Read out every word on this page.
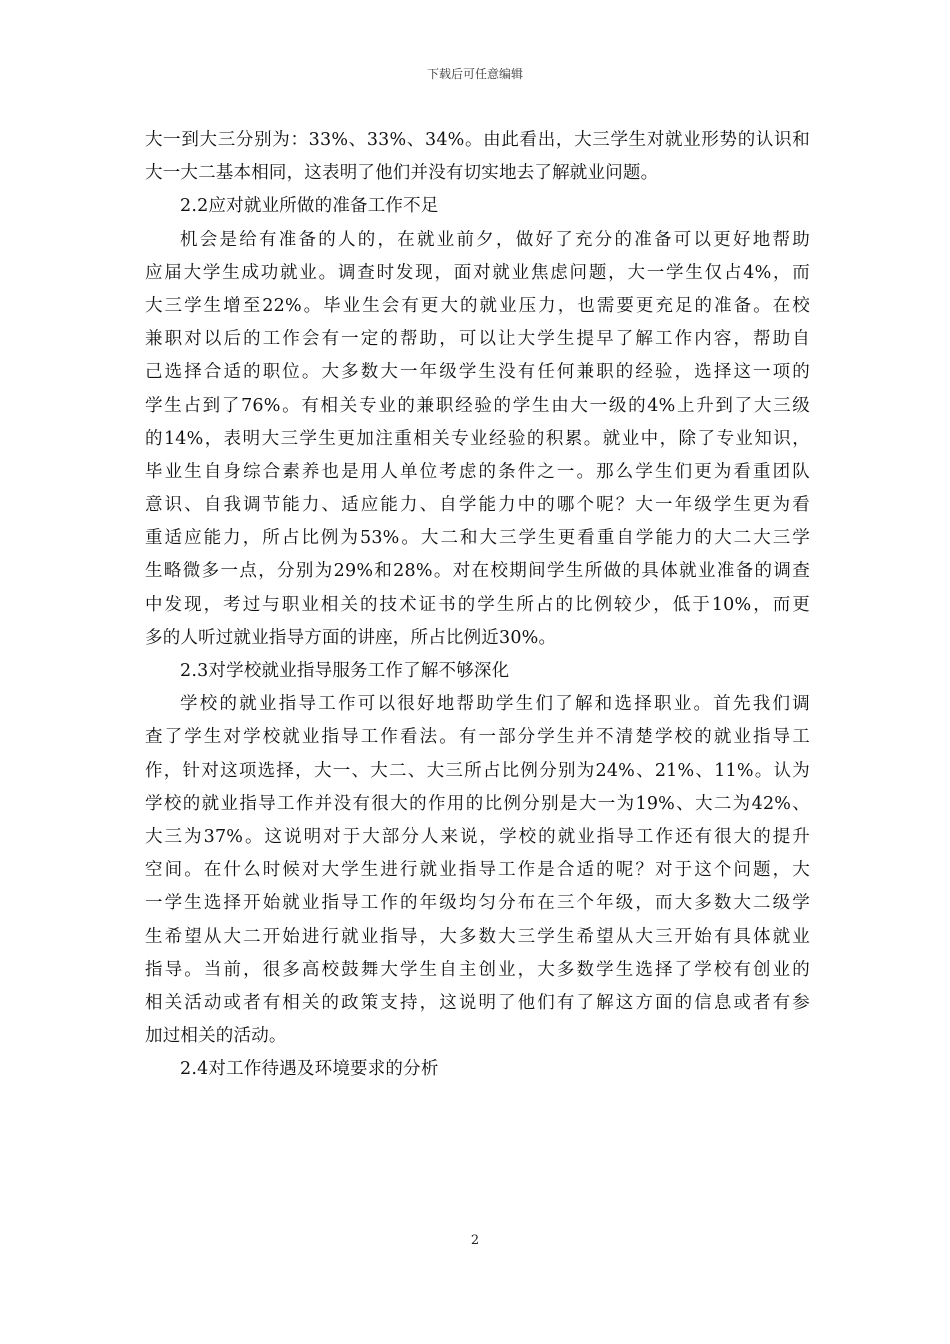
下载后可任意编辑
大一到大三分别为：33%、33%、34%。由此看出，大三学生对就业形势的认识和
大一大二基本相同，这表明了他们并没有切实地去了解就业问题。
2.2应对就业所做的准备工作不足
机会是给有准备的人的，在就业前夕，做好了充分的准备可以更好地帮助
应届大学生成功就业。调查时发现，面对就业焦虑问题，大一学生仅占4%，而
大三学生增至22%。毕业生会有更大的就业压力，也需要更充足的准备。在校
兼职对以后的工作会有一定的帮助，可以让大学生提早了解工作内容，帮助自
己选择合适的职位。大多数大一年级学生没有任何兼职的经验，选择这一项的
学生占到了76%。有相关专业的兼职经验的学生由大一级的4%上升到了大三级
的14%，表明大三学生更加注重相关专业经验的积累。就业中，除了专业知识，
毕业生自身综合素养也是用人单位考虑的条件之一。那么学生们更为看重团队
意识、自我调节能力、适应能力、自学能力中的哪个呢？大一年级学生更为看
重适应能力，所占比例为53%。大二和大三学生更看重自学能力的大二大三学
生略微多一点，分别为29%和28%。对在校期间学生所做的具体就业准备的调查
中发现，考过与职业相关的技术证书的学生所占的比例较少，低于10%，而更
多的人听过就业指导方面的讲座，所占比例近30%。
2.3对学校就业指导服务工作了解不够深化
学校的就业指导工作可以很好地帮助学生们了解和选择职业。首先我们调
查了学生对学校就业指导工作看法。有一部分学生并不清楚学校的就业指导工
作，针对这项选择，大一、大二、大三所占比例分别为24%、21%、11%。认为
学校的就业指导工作并没有很大的作用的比例分别是大一为19%、大二为42%、
大三为37%。这说明对于大部分人来说，学校的就业指导工作还有很大的提升
空间。在什么时候对大学生进行就业指导工作是合适的呢？对于这个问题，大
一学生选择开始就业指导工作的年级均匀分布在三个年级，而大多数大二级学
生希望从大二开始进行就业指导，大多数大三学生希望从大三开始有具体就业
指导。当前，很多高校鼓舞大学生自主创业，大多数学生选择了学校有创业的
相关活动或者有相关的政策支持，这说明了他们有了解这方面的信息或者有参
加过相关的活动。
2.4对工作待遇及环境要求的分析
2
